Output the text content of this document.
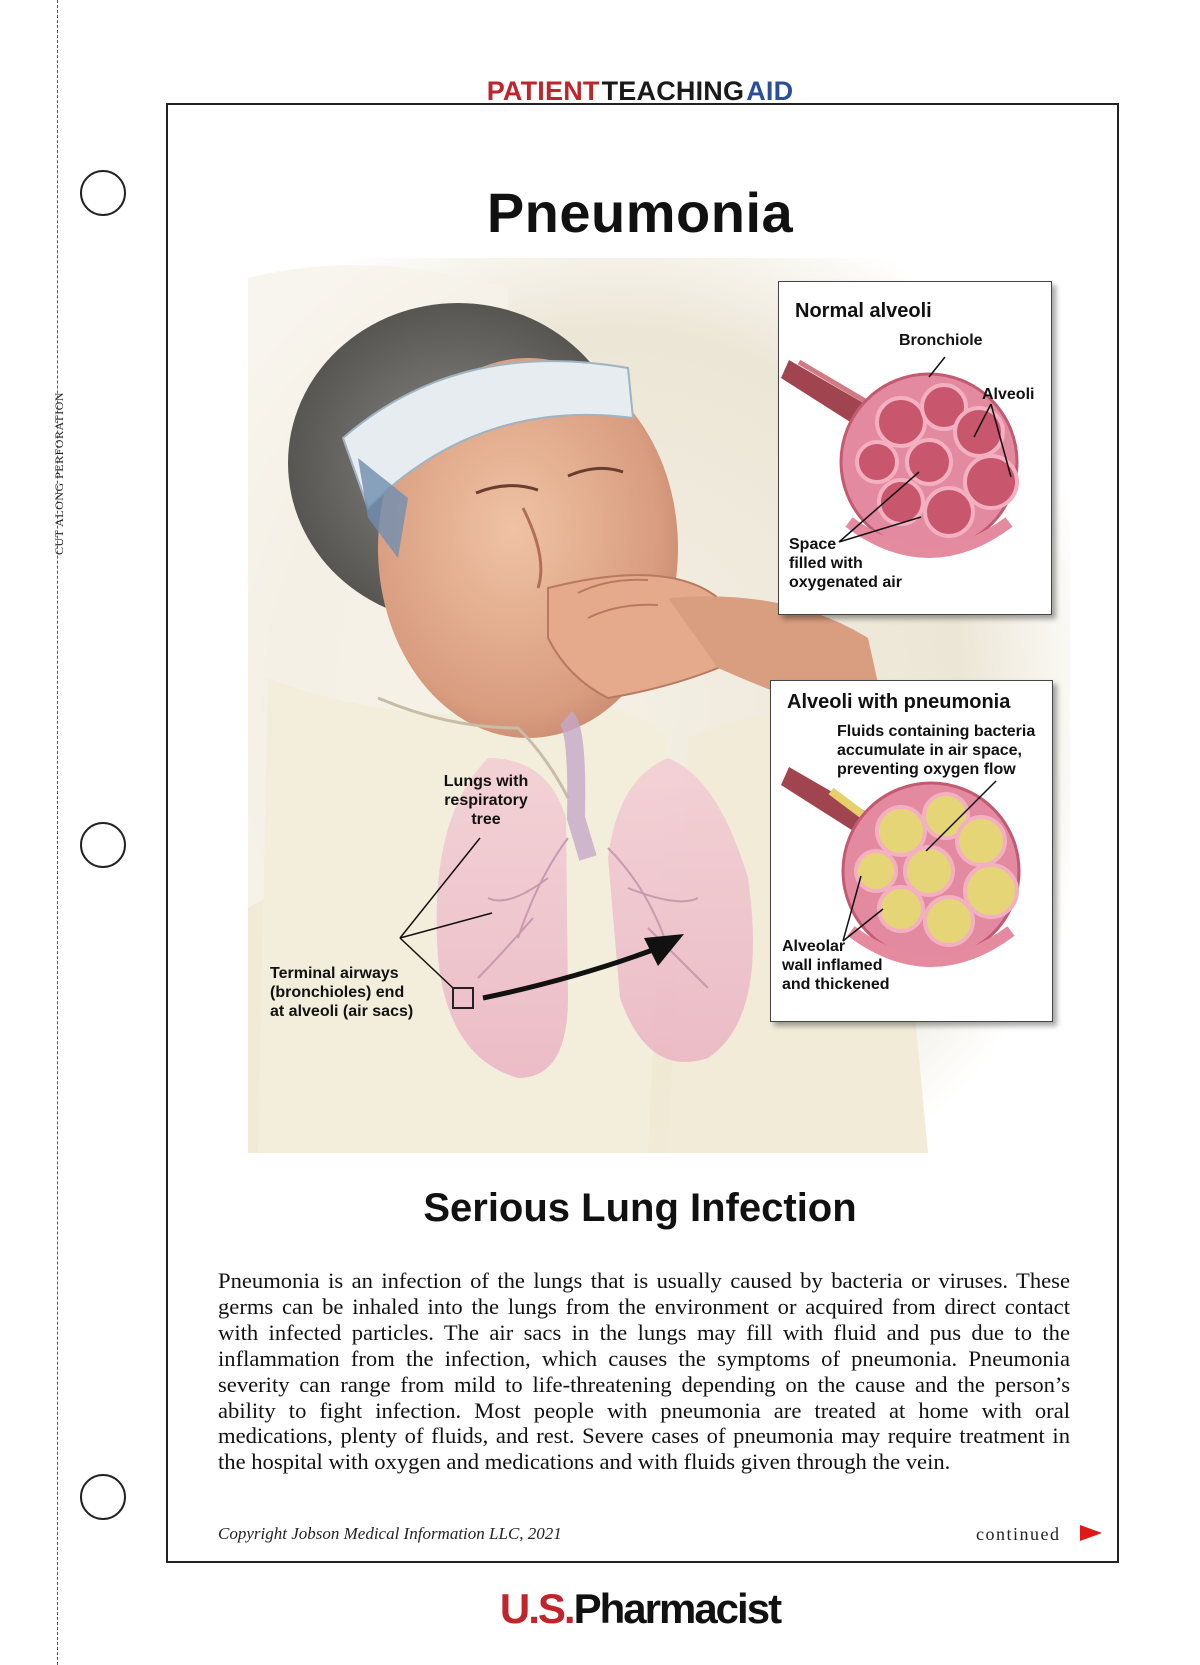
CUT ALONG PERFORATION
PATIENTTEACHINGAID
Pneumonia
Lungs with
respiratory
tree
Terminal airways
(bronchioles) end
at alveoli (air sacs)
Normal alveoli
Bronchiole
Alveoli
Space
filled with
oxygenated air
Alveoli with pneumonia
Fluids containing bacteria
accumulate in air space,
preventing oxygen flow
Alveolar
wall inflamed
and thickened
Serious Lung Infection
Pneumonia is an infection of the lungs that is usually caused by bacteria or viruses. These germs can be inhaled into the lungs from the environment or acquired from direct contact with infected particles. The air sacs in the lungs may fill with fluid and pus due to the inflammation from the infection, which causes the symptoms of pneumonia. Pneumonia severity can range from mild to life-threatening depending on the cause and the person’s ability to fight infection. Most people with pneumonia are treated at home with oral medications, plenty of fluids, and rest. Severe cases of pneumonia may require treatment in the hospital with oxygen and medications and with fluids given through the vein.
Copyright Jobson Medical Information LLC, 2021	continued
U.S.Pharmacist
